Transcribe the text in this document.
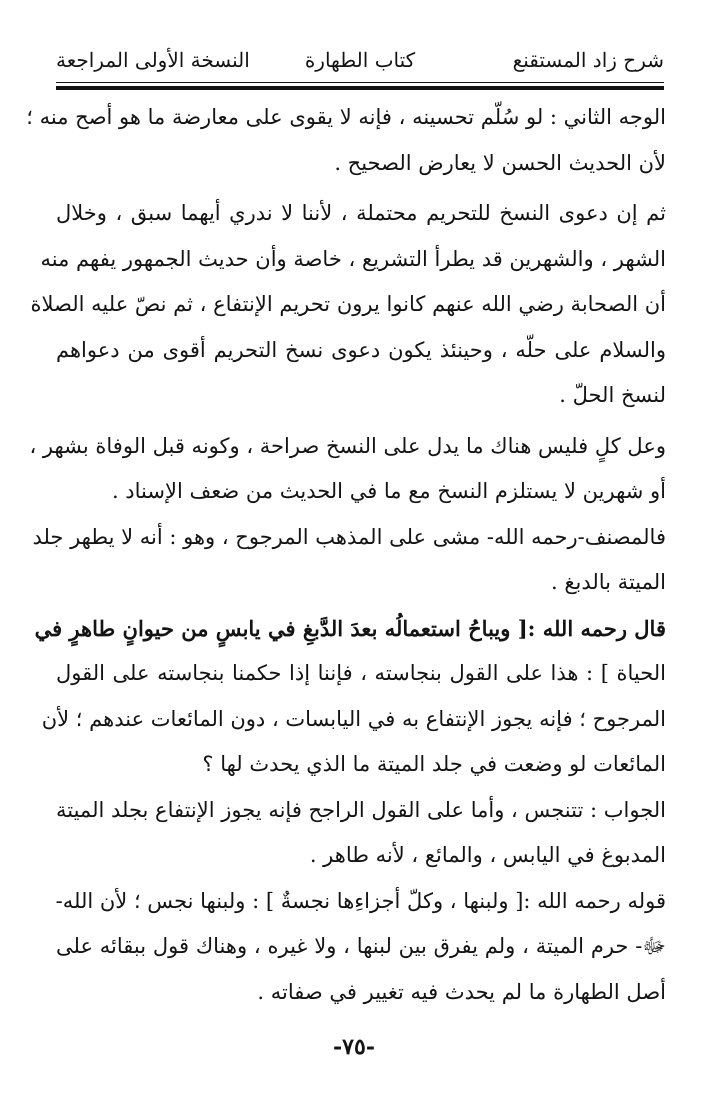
شرح زاد المستقنع
كتاب الطهارة
النسخة الأولى المراجعة
الوجه الثاني : لو سُلّم تحسينه ، فإنه لا يقوى على معارضة ما هو أصح منه ؛
لأن الحديث الحسن لا يعارض الصحيح .
ثم إن دعوى النسخ للتحريم محتملة ، لأننا لا ندري أيهما سبق ، وخلال
الشهر ، والشهرين قد يطرأ التشريع ، خاصة وأن حديث الجمهور يفهم منه
أن الصحابة رضي الله عنهم كانوا يرون تحريم الإنتفاع ، ثم نصّ عليه الصلاة
والسلام على حلّه ، وحينئذ يكون دعوى نسخ التحريم أقوى من دعواهم
لنسخ الحلّ .
وعل كلٍ فليس هناك ما يدل على النسخ صراحة ، وكونه قبل الوفاة بشهر ،
أو شهرين لا يستلزم النسخ مع ما في الحديث من ضعف الإسناد .
فالمصنف-رحمه الله- مشى على المذهب المرجوح ، وهو : أنه لا يطهر جلد
الميتة بالدبغ .
قال رحمه الله :[ ويباحُ استعمالُه بعدَ الدَّبغِ في يابسٍ من حيوانٍ طاهرٍ في
الحياة ] : هذا على القول بنجاسته ، فإننا إذا حكمنا بنجاسته على القول
المرجوح ؛ فإنه يجوز الإنتفاع به في اليابسات ، دون المائعات عندهم ؛ لأن
المائعات لو وضعت في جلد الميتة ما الذي يحدث لها ؟
الجواب : تتنجس ، وأما على القول الراجح فإنه يجوز الإنتفاع بجلد الميتة
المدبوغ في اليابس ، والمائع ، لأنه طاهر .
قوله رحمه الله :[ ولبنها ، وكلّ أجزاءِها نجسةٌ ] : ولبنها نجس ؛ لأن الله-
ﷻ- حرم الميتة ، ولم يفرق بين لبنها ، ولا غيره ، وهناك قول ببقائه على
أصل الطهارة ما لم يحدث فيه تغيير في صفاته .
-٧٥-
